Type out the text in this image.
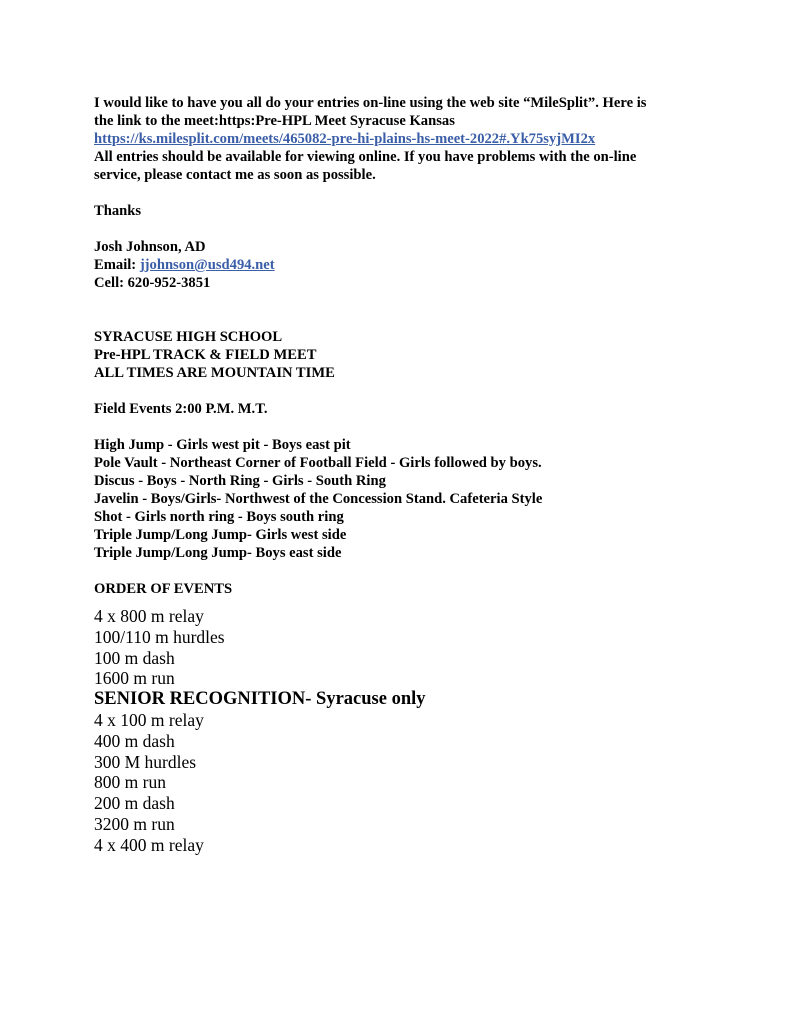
I would like to have you all do your entries on-line using the web site “MileSplit”. Here is
the link to the meet:https:Pre-HPL Meet Syracuse Kansas
https://ks.milesplit.com/meets/465082-pre-hi-plains-hs-meet-2022#.Yk75syjMI2x
All entries should be available for viewing online. If you have problems with the on-line
service, please contact me as soon as possible.
Thanks
Josh Johnson, AD
Email: jjohnson@usd494.net
Cell: 620-952-3851
SYRACUSE HIGH SCHOOL
Pre-HPL TRACK & FIELD MEET
ALL TIMES ARE MOUNTAIN TIME
Field Events 2:00 P.M. M.T.
High Jump - Girls west pit - Boys east pit
Pole Vault - Northeast Corner of Football Field - Girls followed by boys.
Discus - Boys - North Ring - Girls - South Ring
Javelin - Boys/Girls- Northwest of the Concession Stand. Cafeteria Style
Shot - Girls north ring - Boys south ring
Triple Jump/Long Jump- Girls west side
Triple Jump/Long Jump- Boys east side
ORDER OF EVENTS
4 x 800 m relay
100/110 m hurdles
100 m dash
1600 m run
SENIOR RECOGNITION- Syracuse only
4 x 100 m relay
400 m dash
300 M hurdles
800 m run
200 m dash
3200 m run
4 x 400 m relay
